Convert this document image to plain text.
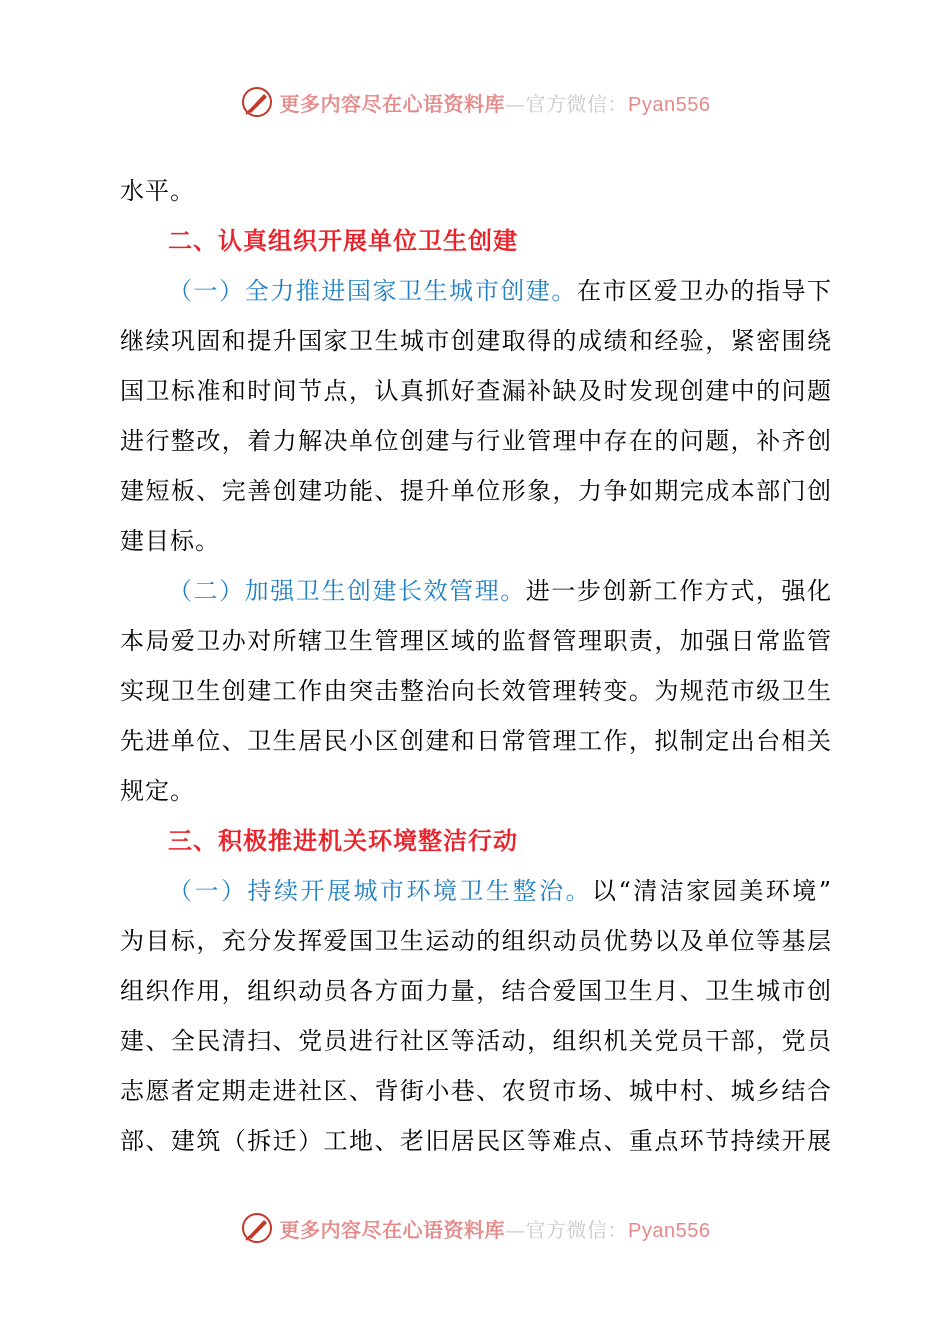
更多内容尽在心语资料库—官方微信：Pyan556
水平。
二、认真组织开展单位卫生创建
（一）全力推进国家卫生城市创建。在市区爱卫办的指导下
继续巩固和提升国家卫生城市创建取得的成绩和经验，紧密围绕
国卫标准和时间节点，认真抓好查漏补缺及时发现创建中的问题
进行整改，着力解决单位创建与行业管理中存在的问题，补齐创
建短板、完善创建功能、提升单位形象，力争如期完成本部门创
建目标。
（二）加强卫生创建长效管理。进一步创新工作方式，强化
本局爱卫办对所辖卫生管理区域的监督管理职责，加强日常监管
实现卫生创建工作由突击整治向长效管理转变。为规范市级卫生
先进单位、卫生居民小区创建和日常管理工作，拟制定出台相关
规定。
三、积极推进机关环境整洁行动
（一）持续开展城市环境卫生整治。以“清洁家园美环境”
为目标，充分发挥爱国卫生运动的组织动员优势以及单位等基层
组织作用，组织动员各方面力量，结合爱国卫生月、卫生城市创
建、全民清扫、党员进行社区等活动，组织机关党员干部，党员
志愿者定期走进社区、背街小巷、农贸市场、城中村、城乡结合
部、建筑（拆迁）工地、老旧居民区等难点、重点环节持续开展
更多内容尽在心语资料库—官方微信：Pyan556
